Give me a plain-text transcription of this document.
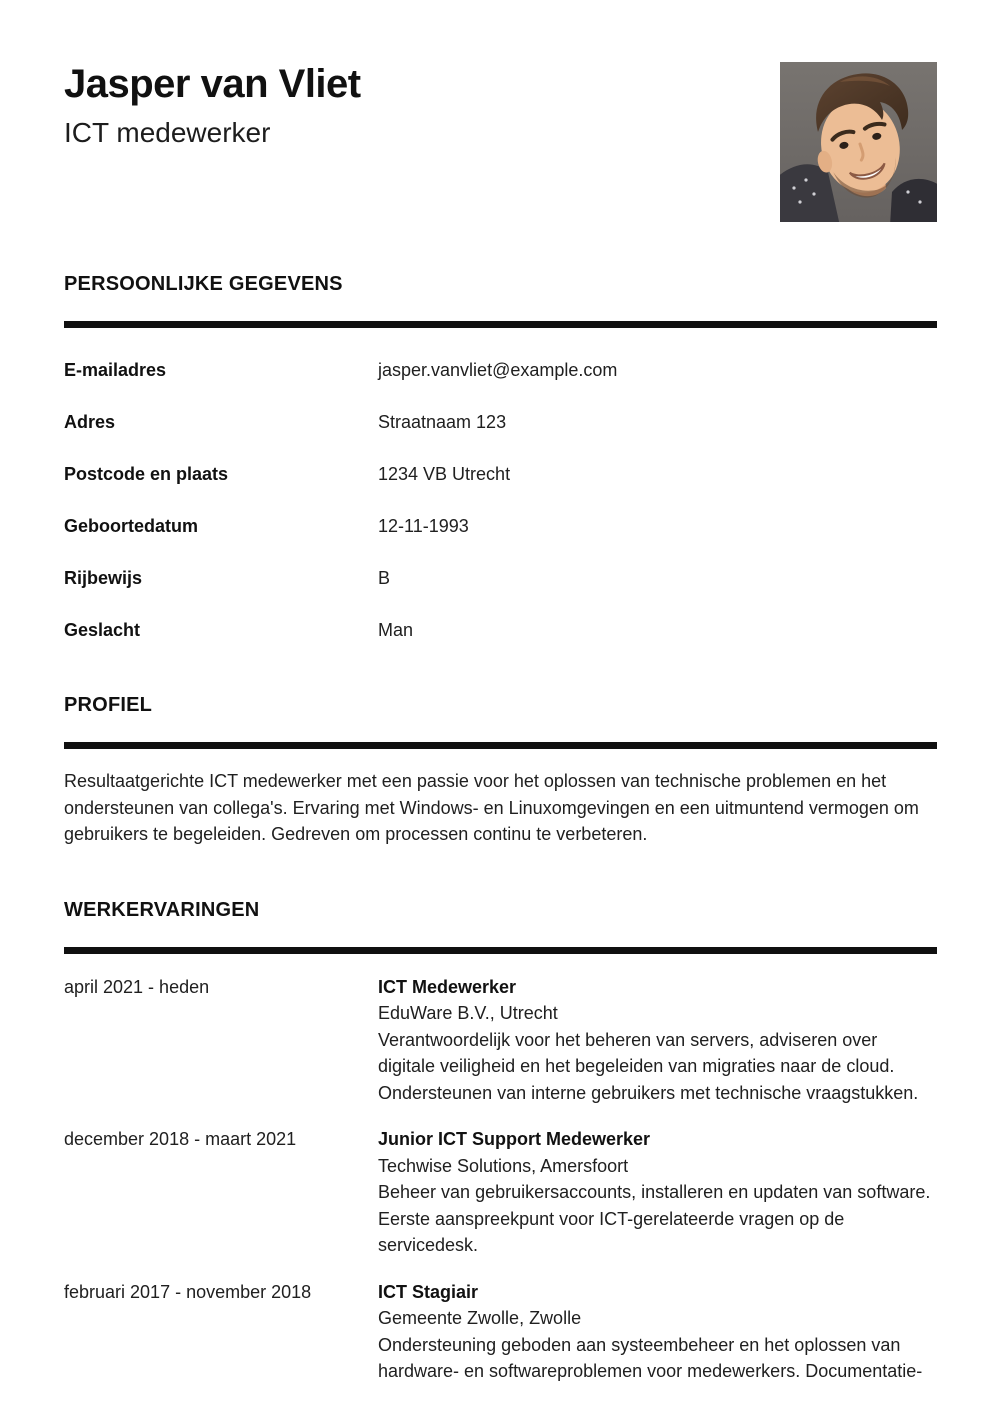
Jasper van Vliet
ICT medewerker
PERSOONLIJKE GEGEVENS
E-mailadres	jasper.vanvliet@example.com
Adres	Straatnaam 123
Postcode en plaats	1234 VB Utrecht
Geboortedatum	12-11-1993
Rijbewijs	B
Geslacht	Man
PROFIEL
Resultaatgerichte ICT medewerker met een passie voor het oplossen van technische problemen en het ondersteunen van collega's. Ervaring met Windows- en Linuxomgevingen en een uitmuntend vermogen om gebruikers te begeleiden. Gedreven om processen continu te verbeteren.
WERKERVARINGEN
april 2021 - heden	ICT Medewerker
EduWare B.V., Utrecht
Verantwoordelijk voor het beheren van servers, adviseren over digitale veiligheid en het begeleiden van migraties naar de cloud. Ondersteunen van interne gebruikers met technische vraagstukken.
december 2018 - maart 2021	Junior ICT Support Medewerker
Techwise Solutions, Amersfoort
Beheer van gebruikersaccounts, installeren en updaten van software. Eerste aanspreekpunt voor ICT-gerelateerde vragen op de servicedesk.
februari 2017 - november 2018	ICT Stagiair
Gemeente Zwolle, Zwolle
Ondersteuning geboden aan systeembeheer en het oplossen van hardware- en softwareproblemen voor medewerkers. Documentatie-
